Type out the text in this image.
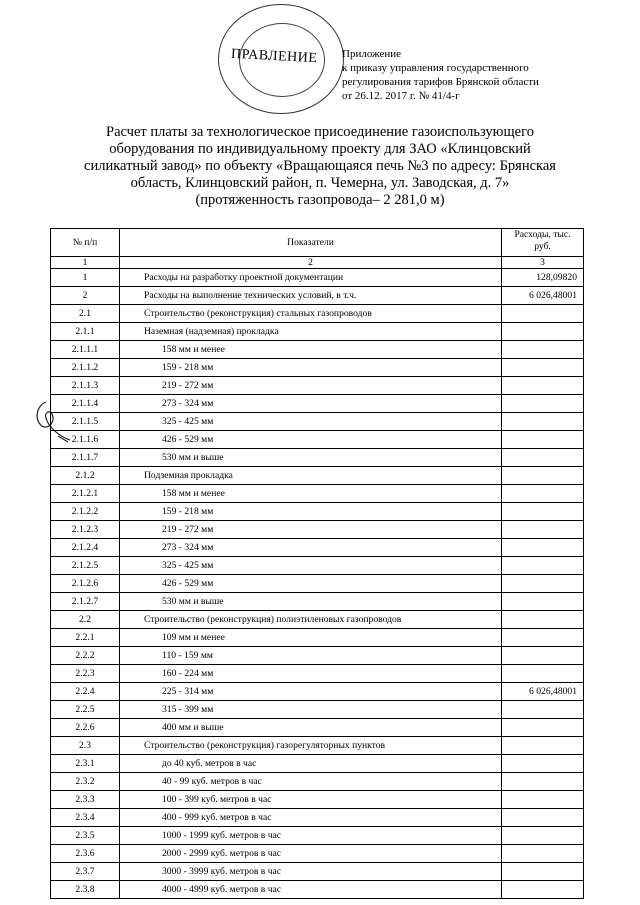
ПРАВЛЕНИЕ Приложение
к приказу управления государственного
регулирования тарифов Брянской области
от 26.12. 2017 г. № 41/4-г
Расчет платы за технологическое присоединение газоиспользующего
оборудования по индивидуальному проекту для ЗАО «Клинцовский
силикатный завод» по объекту «Вращающаяся печь №3 по адресу: Брянская
область, Клинцовский район, п. Чемерна, ул. Заводская, д. 7»
(протяженность газопровода– 2 281,0 м)
№ п/п	Показатели	Расходы, тыс. руб.
1	2	3
1	Расходы на разработку проектной документации	128,09820
2	Расходы на выполнение технических условий, в т.ч.	6 026,48001
2.1	Строительство (реконструкция) стальных газопроводов	
2.1.1	Наземная (надземная) прокладка	
2.1.1.1	158 мм и менее	
2.1.1.2	159 - 218 мм	
2.1.1.3	219 - 272 мм	
2.1.1.4	273 - 324 мм	
2.1.1.5	325 - 425 мм	
2.1.1.6	426 - 529 мм	
2.1.1.7	530 мм и выше	
2.1.2	Подземная прокладка	
2.1.2.1	158 мм и менее	
2.1.2.2	159 - 218 мм	
2.1.2.3	219 - 272 мм	
2.1.2.4	273 - 324 мм	
2.1.2.5	325 - 425 мм	
2.1.2.6	426 - 529 мм	
2.1.2.7	530 мм и выше	
2.2	Строительство (реконструкция) полиэтиленовых газопроводов	
2.2.1	109 мм и менее	
2.2.2	110 - 159 мм	
2.2.3	160 - 224 мм	
2.2.4	225 - 314 мм	6 026,48001
2.2.5	315 - 399 мм	
2.2.6	400 мм и выше	
2.3	Строительство (реконструкция) газорегуляторных пунктов	
2.3.1	до 40 куб. метров в час	
2.3.2	40 - 99 куб. метров в час	
2.3.3	100 - 399 куб. метров в час	
2.3.4	400 - 999 куб. метров в час	
2.3.5	1000 - 1999 куб. метров в час	
2.3.6	2000 - 2999 куб. метров в час	
2.3.7	3000 - 3999 куб. метров в час	
2.3.8	4000 - 4999 куб. метров в час	
